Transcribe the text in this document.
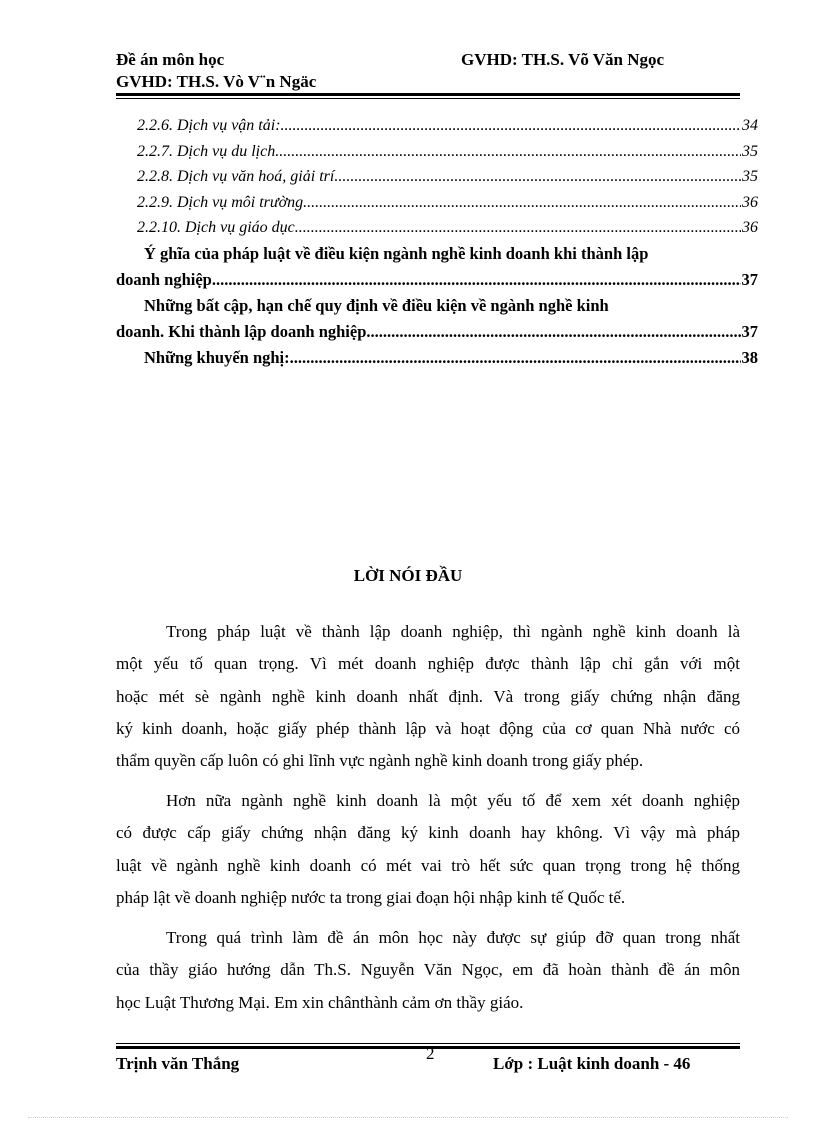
Đề án môn học	GVHD: TH.S. Võ Văn Ngọc
GVHD: TH.S. Vò V¨n Ngäc
2.2.6. Dịch vụ vận tải: .....	34
2.2.7. Dịch vụ du lịch .....	35
2.2.8. Dịch vụ văn hoá, giải trí .....	35
2.2.9. Dịch vụ môi trường .....	36
2.2.10. Dịch vụ giáo dục .....	36
Ý ghĩa của pháp luật về điều kiện ngành nghề kinh doanh khi thành lập
doanh nghiệp .....	37
Những bất cập, hạn chế quy định về điều kiện về ngành nghề kinh
doanh. Khi thành lập doanh nghiệp .....	37
Những khuyến nghị: .....	38
LỜI NÓI ĐẦU

Trong pháp luật về thành lập doanh nghiệp, thì ngành nghề kinh doanh là
một yếu tố quan trọng. Vì mét doanh nghiệp được thành lập chỉ gắn với một
hoặc mét sè ngành nghề kinh doanh nhất định. Và trong giấy chứng nhận đăng
ký kinh doanh, hoặc giấy phép thành lập và hoạt động của cơ quan Nhà nước có
thẩm quyền cấp luôn có ghi lĩnh vực ngành nghề kinh doanh trong giấy phép.

Hơn nữa ngành nghề kinh doanh là một yếu tố để xem xét doanh nghiệp
có được cấp giấy chứng nhận đăng ký kinh doanh hay không. Vì vậy mà pháp
luật về ngành nghề kinh doanh có mét vai trò hết sức quan trọng trong hệ thống
pháp lật về doanh nghiệp nước ta trong giai đoạn hội nhập kinh tế Quốc tế.

Trong quá trình làm đề án môn học này được sự giúp đỡ quan trong nhất
của thầy giáo hướng dẫn Th.S. Nguyễn Văn Ngọc, em đã hoàn thành đề án môn
học Luật Thương Mại. Em xin chânthành cảm ơn thầy giáo.

Trịnh văn Thắng
2
Lớp : Luật kinh doanh - 46
